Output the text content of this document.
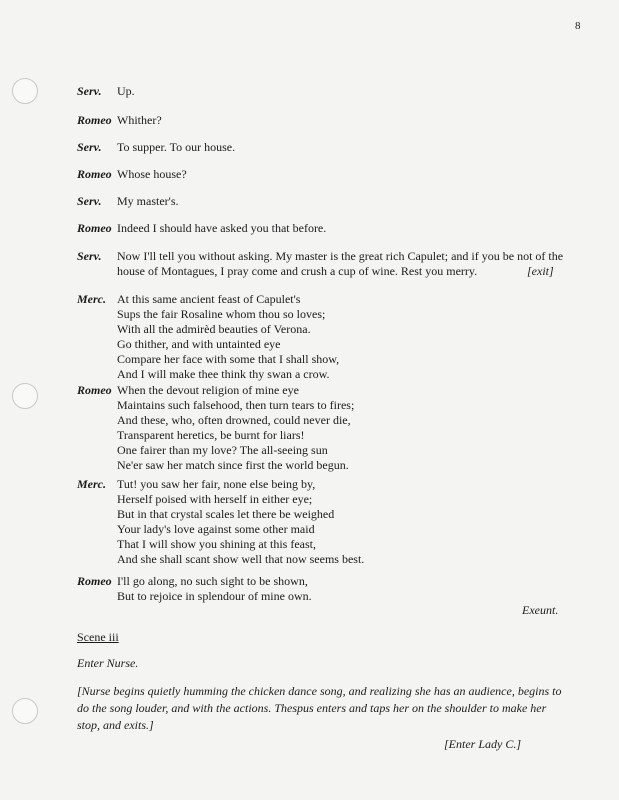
8
Serv. Up.
Romeo Whither?
Serv. To supper. To our house.
Romeo Whose house?
Serv. My master's.
Romeo Indeed I should have asked you that before.
Serv. Now I'll tell you without asking. My master is the great rich Capulet; and if you be not of the
house of Montagues, I pray come and crush a cup of wine. Rest you merry.	[exit]
Merc. At this same ancient feast of Capulet's
Sups the fair Rosaline whom thou so loves;
With all the admirèd beauties of Verona.
Go thither, and with untainted eye
Compare her face with some that I shall show,
And I will make thee think thy swan a crow.
Romeo When the devout religion of mine eye
Maintains such falsehood, then turn tears to fires;
And these, who, often drowned, could never die,
Transparent heretics, be burnt for liars!
One fairer than my love? The all-seeing sun
Ne'er saw her match since first the world begun.
Merc. Tut! you saw her fair, none else being by,
Herself poised with herself in either eye;
But in that crystal scales let there be weighed
Your lady's love against some other maid
That I will show you shining at this feast,
And she shall scant show well that now seems best.
Romeo I'll go along, no such sight to be shown,
But to rejoice in splendour of mine own.
Exeunt.
Scene iii
Enter Nurse.
[Nurse begins quietly humming the chicken dance song, and realizing she has an audience, begins to do the song louder, and with the actions. Thespus enters and taps her on the shoulder to make her stop, and exits.]
[Enter Lady C.]
